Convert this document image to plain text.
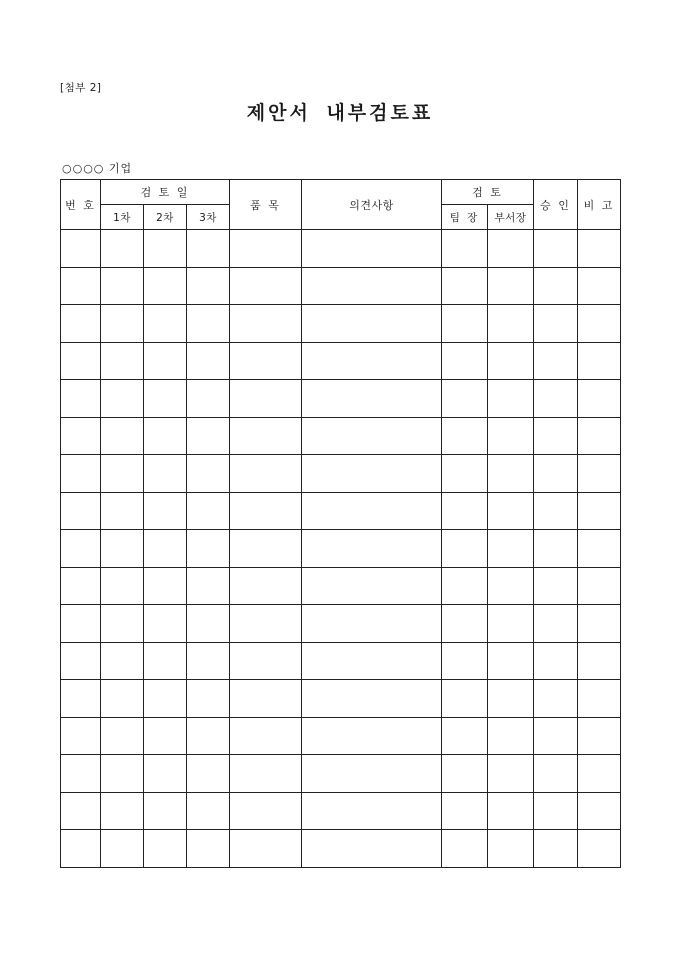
[첨부 2]
제안서 내부검토표
○○○○ 기업
번 호	검 토 일			품 목	의견사항	검 토		승 인	비 고
	1차	2차	3차			팀 장	부서장		
